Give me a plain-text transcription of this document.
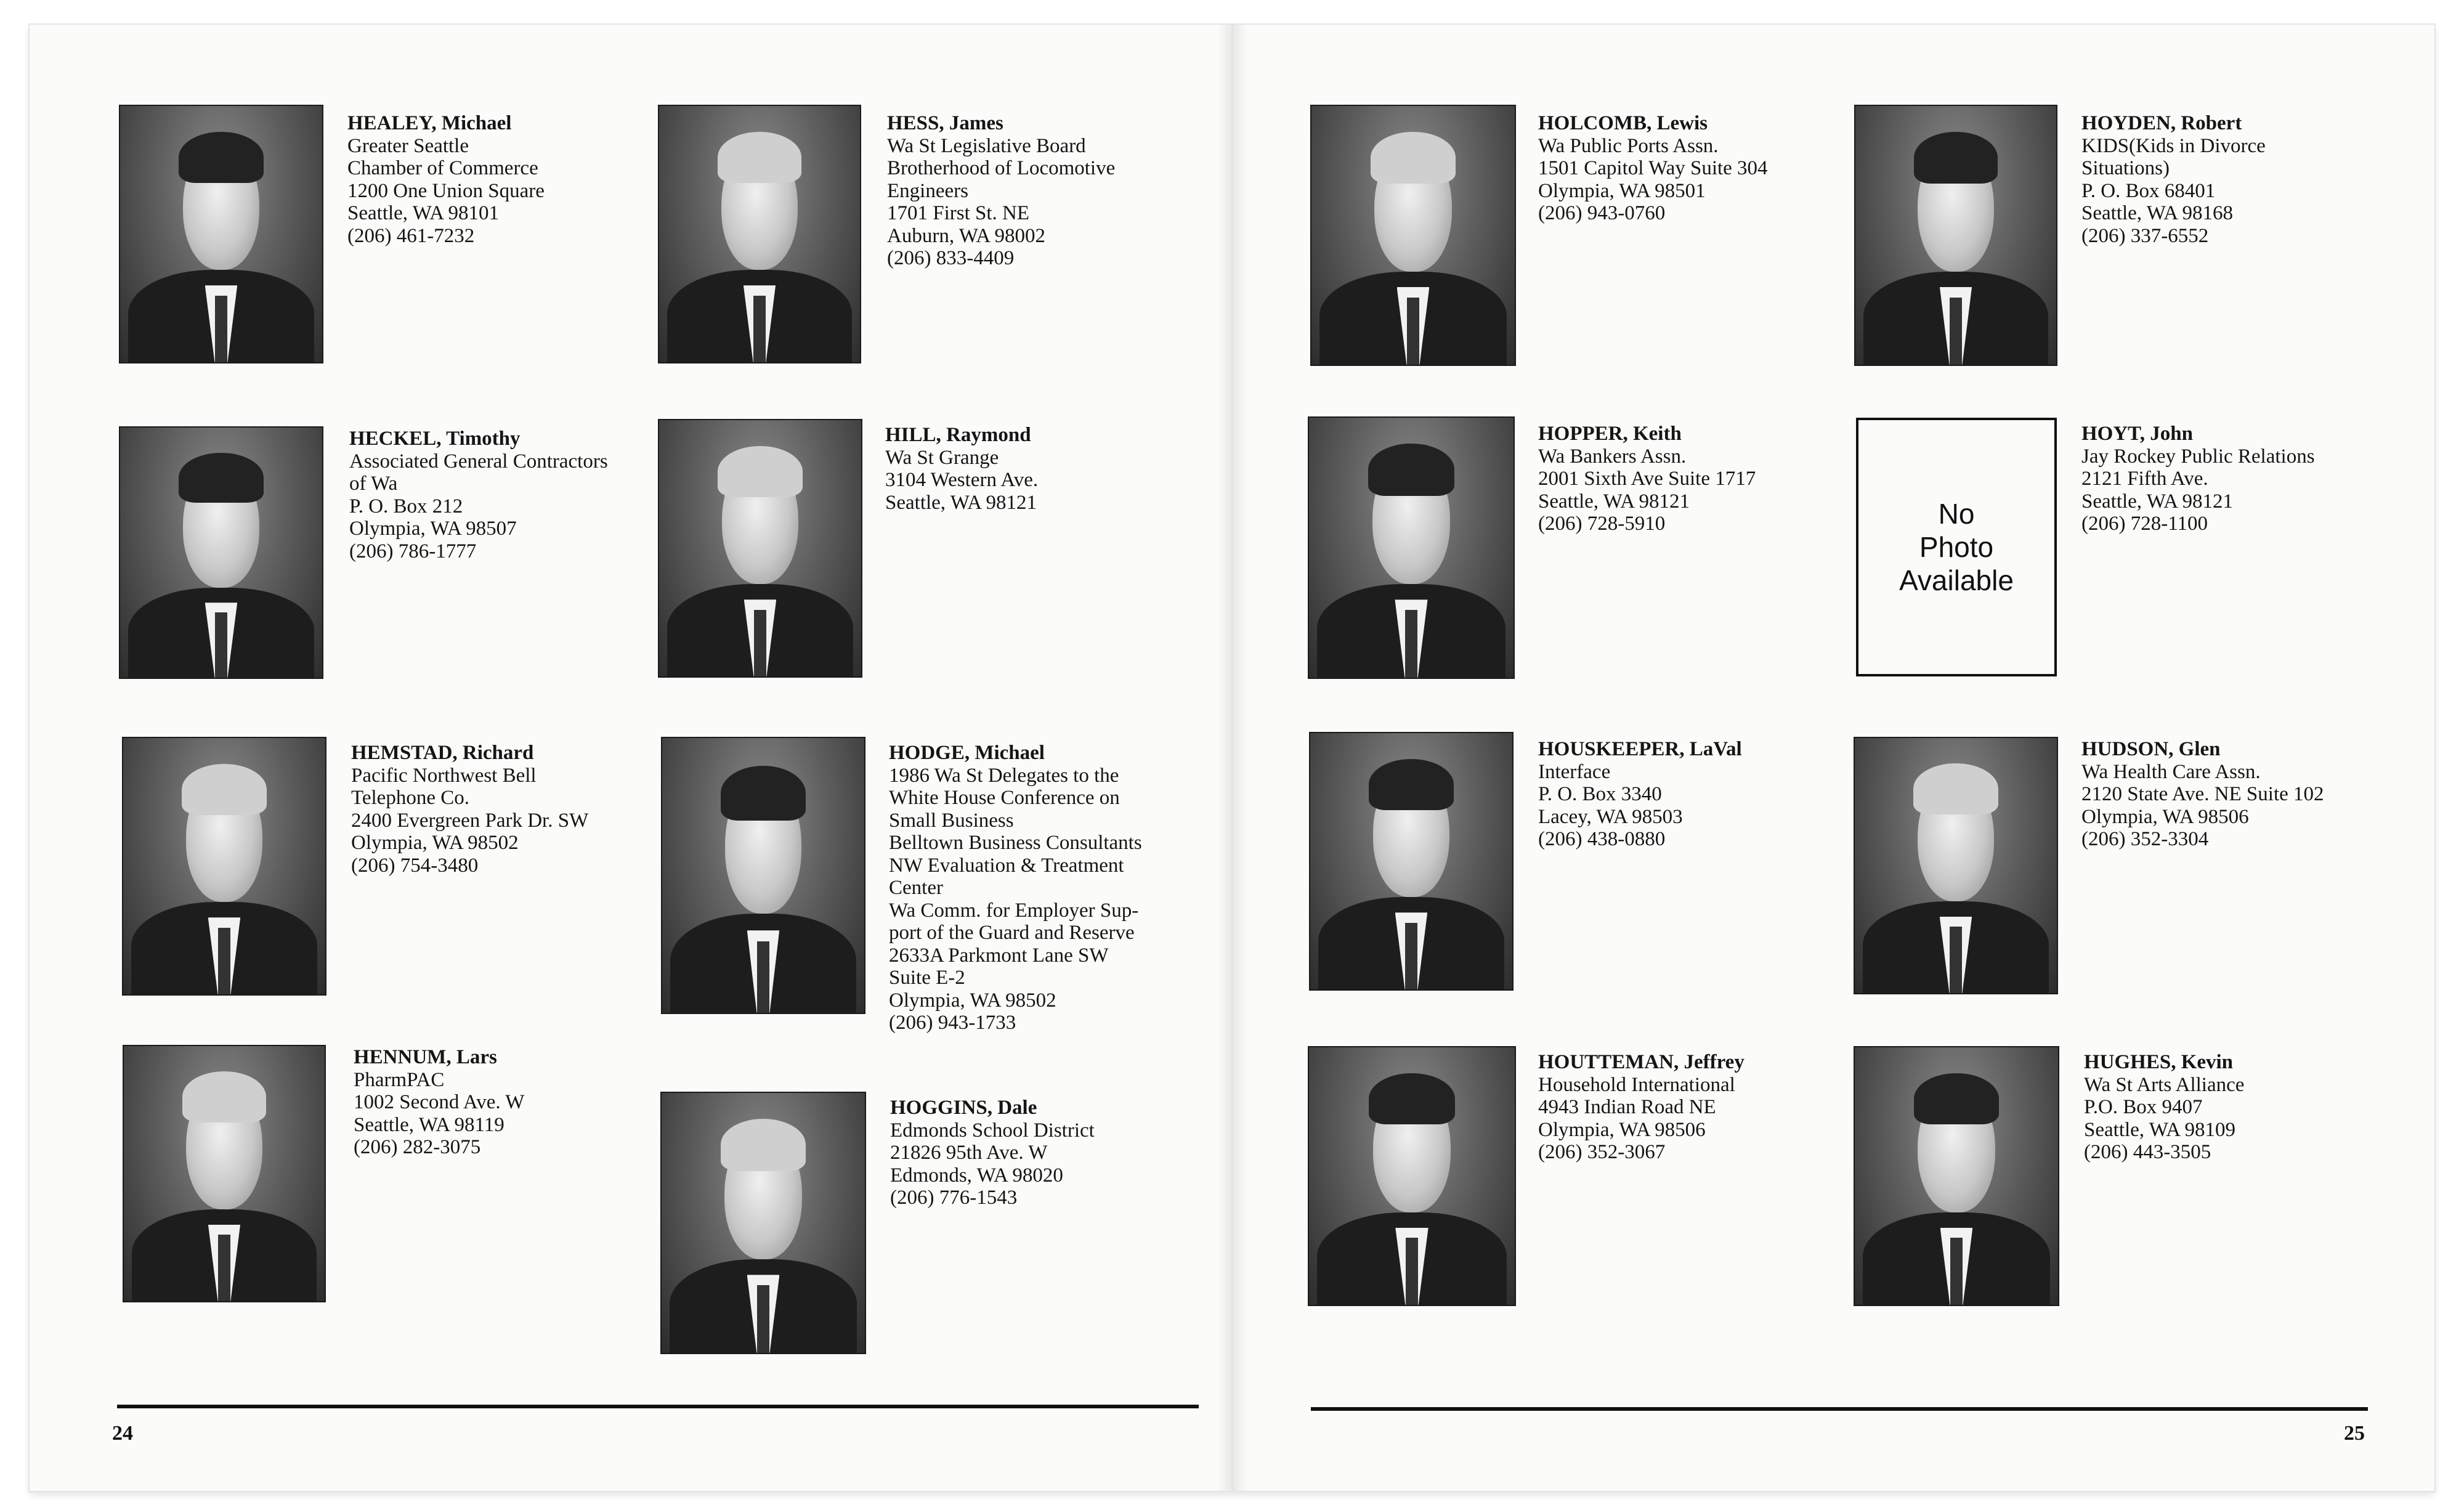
24
HEALEY, Michael
Greater Seattle
Chamber of Commerce
1200 One Union Square
Seattle, WA 98101
(206) 461-7232
HESS, James
Wa St Legislative Board
Brotherhood of Locomotive
Engineers
1701 First St. NE
Auburn, WA 98002
(206) 833-4409
HECKEL, Timothy
Associated General Contractors
of Wa
P. O. Box 212
Olympia, WA 98507
(206) 786-1777
HILL, Raymond
Wa St Grange
3104 Western Ave.
Seattle, WA 98121
HEMSTAD, Richard
Pacific Northwest Bell
Telephone Co.
2400 Evergreen Park Dr. SW
Olympia, WA 98502
(206) 754-3480
HODGE, Michael
1986 Wa St Delegates to the
White House Conference on
Small Business
Belltown Business Consultants
NW Evaluation & Treatment
Center
Wa Comm. for Employer Sup-
port of the Guard and Reserve
2633A Parkmont Lane SW
Suite E-2
Olympia, WA 98502
(206) 943-1733
HENNUM, Lars
PharmPAC
1002 Second Ave. W
Seattle, WA 98119
(206) 282-3075
HOGGINS, Dale
Edmonds School District
21826 95th Ave. W
Edmonds, WA 98020
(206) 776-1543
25
HOLCOMB, Lewis
Wa Public Ports Assn.
1501 Capitol Way Suite 304
Olympia, WA 98501
(206) 943-0760
HOYDEN, Robert
KIDS(Kids in Divorce
Situations)
P. O. Box 68401
Seattle, WA 98168
(206) 337-6552
HOPPER, Keith
Wa Bankers Assn.
2001 Sixth Ave Suite 1717
Seattle, WA 98121
(206) 728-5910	No
Photo
Available
HOYT, John
Jay Rockey Public Relations
2121 Fifth Ave.
Seattle, WA 98121
(206) 728-1100
HOUSKEEPER, LaVal
Interface
P. O. Box 3340
Lacey, WA 98503
(206) 438-0880
HUDSON, Glen
Wa Health Care Assn.
2120 State Ave. NE Suite 102
Olympia, WA 98506
(206) 352-3304
HOUTTEMAN, Jeffrey
Household International
4943 Indian Road NE
Olympia, WA 98506
(206) 352-3067
HUGHES, Kevin
Wa St Arts Alliance
P.O. Box 9407
Seattle, WA 98109
(206) 443-3505
